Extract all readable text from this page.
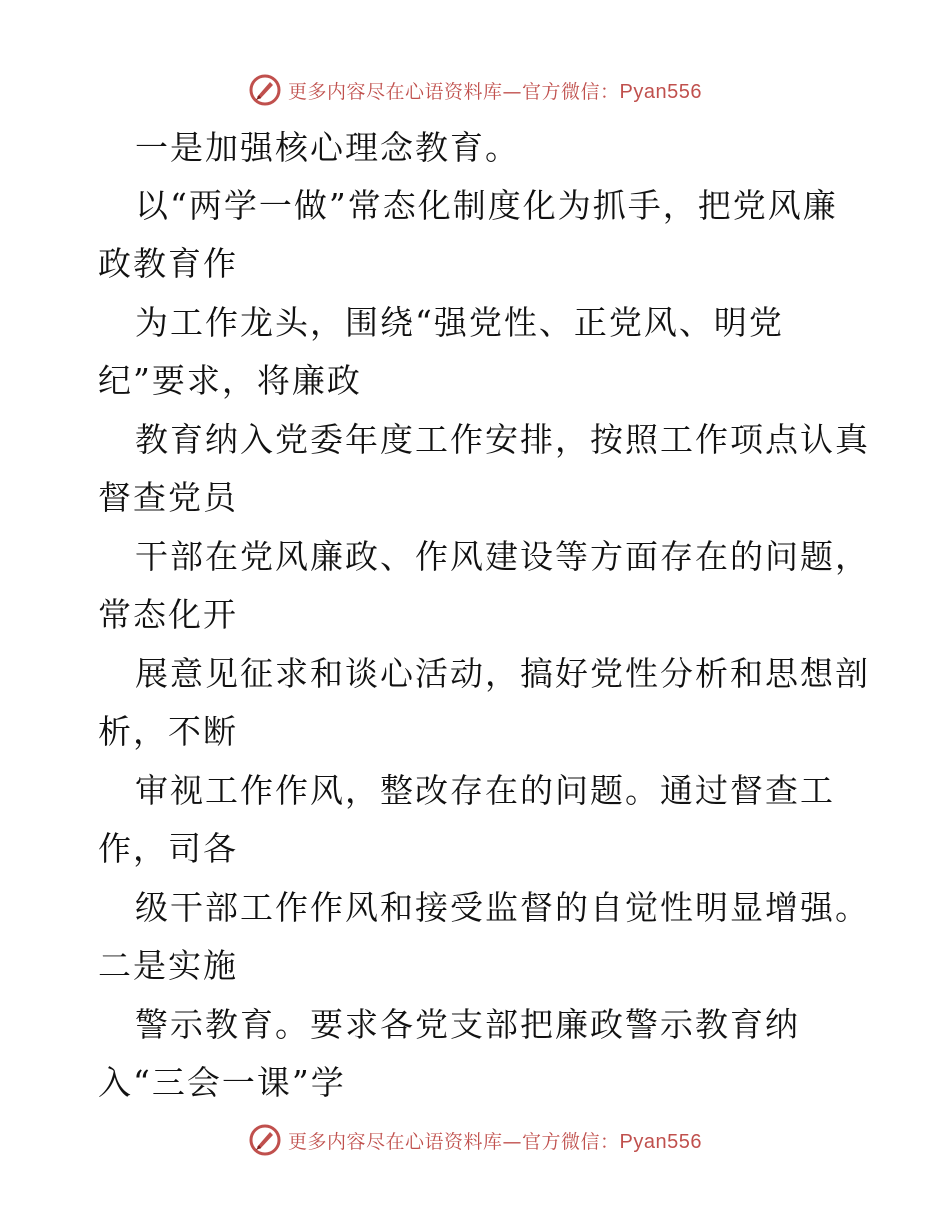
更多内容尽在心语资料库—官方微信：Pyan556
一是加强核心理念教育。
以“两学一做”常态化制度化为抓手，把党风廉
政教育作
为工作龙头，围绕“强党性、正党风、明党
纪”要求，将廉政
教育纳入党委年度工作安排，按照工作项点认真
督查党员
干部在党风廉政、作风建设等方面存在的问题，
常态化开
展意见征求和谈心活动，搞好党性分析和思想剖
析，不断
审视工作作风，整改存在的问题。通过督查工
作，司各
级干部工作作风和接受监督的自觉性明显增强。
二是实施
警示教育。要求各党支部把廉政警示教育纳
入“三会一课”学
更多内容尽在心语资料库—官方微信：Pyan556
